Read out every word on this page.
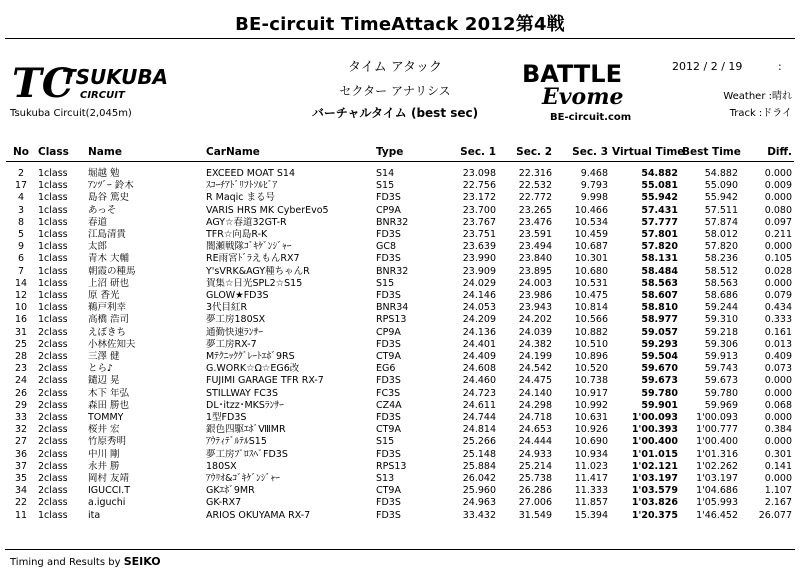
BE-circuit TimeAttack 2012第4戦
TC
TSUKUBA
CIRCUIT
Tsukuba Circuit(2,045m)
タイム アタック
セクター アナリシス
バーチャルタイム (best sec)
BATTLE
Evome
BE-circuit.com
2012 / 2 / 19	:
Weather :晴れ
Track :ドライ
No	Class	Name	CarName	Type	Sec. 1	Sec. 2	Sec. 3	Virtual Time	Best Time	Diff.
2	1class	堀越 勉	EXCEED MOAT S14	S14	23.098	22.316	9.468	54.882	54.882	0.000
17	1class	ｱﾝﾂﾞｰ 鈴木	ｽｺｰﾁｱﾄﾞﾘﾌﾄｿﾙﾋﾞｱ	S15	22.756	22.532	9.793	55.081	55.090	0.009
4	1class	島谷 篤史	R Maqic まる号	FD3S	23.172	22.772	9.998	55.942	55.942	0.000
3	1class	あっそ	VARIS HRS MK CyberEvo5	CP9A	23.700	23.265	10.466	57.431	57.511	0.080
8	1class	春道	AGY☆春道32GT-R	BNR32	23.767	23.476	10.534	57.777	57.874	0.097
5	1class	江島清貴	TFR☆向島R-K	FD3S	23.751	23.591	10.459	57.801	58.012	0.211
9	1class	太郎	闇瀬戦隊ｺﾞｷｹﾞﾝｼﾞｬｰ	GC8	23.639	23.494	10.687	57.820	57.820	0.000
6	1class	青木 大輔	RE雨宮ﾄﾞﾗえもんRX7	FD3S	23.990	23.840	10.301	58.131	58.236	0.105
7	1class	朝霞の種馬	Y'sVRK&AGY種ちゃんR	BNR32	23.909	23.895	10.680	58.484	58.512	0.028
14	1class	上沼 研也	賀集☆日光SPL2☆S15	S15	24.029	24.003	10.531	58.563	58.563	0.000
12	1class	原 香光	GLOW★FD3S	FD3S	24.146	23.986	10.475	58.607	58.686	0.079
10	1class	鵜戸利幸	3代目紅R	BNR34	24.053	23.943	10.814	58.810	59.244	0.434
16	1class	高橋 浩司	夢工房180SX	RPS13	24.209	24.202	10.566	58.977	59.310	0.333
31	2class	えぼきち	通勤快速ﾗﾝｻｰ	CP9A	24.136	24.039	10.882	59.057	59.218	0.161
25	2class	小林佐知夫	夢工房RX-7	FD3S	24.401	24.382	10.510	59.293	59.306	0.013
28	2class	三澤 健	Mﾃｸﾆｯｸｸﾞﾚｰﾄｴﾎﾞ9RS	CT9A	24.409	24.199	10.896	59.504	59.913	0.409
23	2class	とら♪	G.WORK☆Ω☆EG6改	EG6	24.608	24.542	10.520	59.670	59.743	0.073
24	2class	鑓辺 晃	FUJIMI GARAGE TFR RX-7	FD3S	24.460	24.475	10.738	59.673	59.673	0.000
26	2class	木下 年弘	STILLWAY FC3S	FC3S	24.723	24.140	10.917	59.780	59.780	0.000
29	2class	森田 勝也	DL･itzz･MKSﾗﾝｻｰ	CZ4A	24.611	24.298	10.992	59.901	59.969	0.068
33	2class	TOMMY	1型FD3S	FD3S	24.744	24.718	10.631	1'00.093	1'00.093	0.000
32	2class	桜井 宏	銀色四駆ｴﾎﾞⅧMR	CT9A	24.814	24.653	10.926	1'00.393	1'00.777	0.384
27	2class	竹原秀明	ｱｳﾃｨﾃﾞﾙﾃﾙS15	S15	25.266	24.444	10.690	1'00.400	1'00.400	0.000
36	2class	中川 剛	夢工房ﾌﾟﾛｽﾍﾟFD3S	FD3S	25.148	24.933	10.934	1'01.015	1'01.316	0.301
37	2class	永井 勝	180SX	RPS13	25.884	25.214	11.023	1'02.121	1'02.262	0.141
35	2class	岡村 友靖	ｱｳﾘｵ&ｺﾞｷｹﾞﾝｼﾞｬｰ	S13	26.042	25.738	11.417	1'03.197	1'03.197	0.000
34	2class	IGUCCI.T	GKｴﾎﾞ9MR	CT9A	25.960	26.286	11.333	1'03.579	1'04.686	1.107
22	2class	a.iguchi	GK-RX7	FD3S	24.963	27.006	11.857	1'03.826	1'05.993	2.167
11	1class	ita	ARIOS OKUYAMA RX-7	FD3S	33.432	31.549	15.394	1'20.375	1'46.452	26.077
Timing and Results by SEIKO
